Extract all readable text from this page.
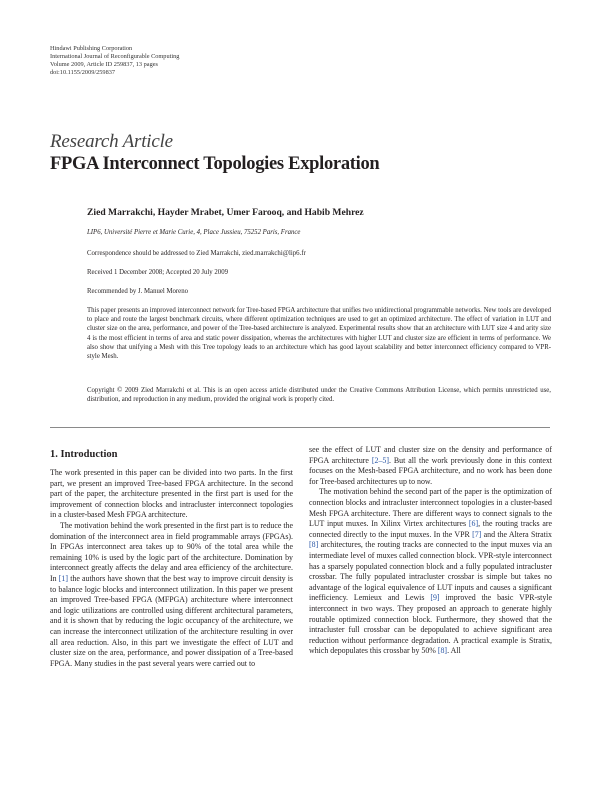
Hindawi Publishing Corporation
International Journal of Reconfigurable Computing
Volume 2009, Article ID 259837, 13 pages
doi:10.1155/2009/259837
Research Article
FPGA Interconnect Topologies Exploration
Zied Marrakchi, Hayder Mrabet, Umer Farooq, and Habib Mehrez
LIP6, Université Pierre et Marie Curie, 4, Place Jussieu, 75252 Paris, France
Correspondence should be addressed to Zied Marrakchi, zied.marrakchi@lip6.fr
Received 1 December 2008; Accepted 20 July 2009
Recommended by J. Manuel Moreno
This paper presents an improved interconnect network for Tree-based FPGA architecture that unifies two unidirectional programmable networks. New tools are developed to place and route the largest benchmark circuits, where different optimization techniques are used to get an optimized architecture. The effect of variation in LUT and cluster size on the area, performance, and power of the Tree-based architecture is analyzed. Experimental results show that an architecture with LUT size 4 and arity size 4 is the most efficient in terms of area and static power dissipation, whereas the architectures with higher LUT and cluster size are efficient in terms of performance. We also show that unifying a Mesh with this Tree topology leads to an architecture which has good layout scalability and better interconnect efficiency compared to VPR-style Mesh.
Copyright © 2009 Zied Marrakchi et al. This is an open access article distributed under the Creative Commons Attribution License, which permits unrestricted use, distribution, and reproduction in any medium, provided the original work is properly cited.
1. Introduction

The work presented in this paper can be divided into two parts. In the first part, we present an improved Tree-based FPGA architecture. In the second part of the paper, the architecture presented in the first part is used for the improvement of connection blocks and intracluster interconnect topologies in a cluster-based Mesh FPGA architecture.

The motivation behind the work presented in the first part is to reduce the domination of the interconnect area in field programmable arrays (FPGAs). In FPGAs interconnect area takes up to 90% of the total area while the remaining 10% is used by the logic part of the architecture. Domination by interconnect greatly affects the delay and area efficiency of the architecture. In [1] the authors have shown that the best way to improve circuit density is to balance logic blocks and interconnect utilization. In this paper we present an improved Tree-based FPGA (MFPGA) architecture where interconnect and logic utilizations are controlled using different architectural parameters, and it is shown that by reducing the logic occupancy of the architecture, we can increase the interconnect utilization of the architecture resulting in over all area reduction. Also, in this part we investigate the effect of LUT and cluster size on the area, performance, and power dissipation of a Tree-based FPGA. Many studies in the past several years were carried out to

see the effect of LUT and cluster size on the density and performance of FPGA architecture [2–5]. But all the work previously done in this context focuses on the Mesh-based FPGA architecture, and no work has been done for Tree-based architectures up to now.

The motivation behind the second part of the paper is the optimization of connection blocks and intracluster interconnect topologies in a cluster-based Mesh FPGA architecture. There are different ways to connect signals to the LUT input muxes. In Xilinx Virtex architectures [6], the routing tracks are connected directly to the input muxes. In the VPR [7] and the Altera Stratix [8] architectures, the routing tracks are connected to the input muxes via an intermediate level of muxes called connection block. VPR-style interconnect has a sparsely populated connection block and a fully populated intracluster crossbar. The fully populated intracluster crossbar is simple but takes no advantage of the logical equivalence of LUT inputs and causes a significant inefficiency. Lemieux and Lewis [9] improved the basic VPR-style interconnect in two ways. They proposed an approach to generate highly routable optimized connection block. Furthermore, they showed that the intracluster full crossbar can be depopulated to achieve significant area reduction without performance degradation. A practical example is Stratix, which depopulates this crossbar by 50% [8]. All
